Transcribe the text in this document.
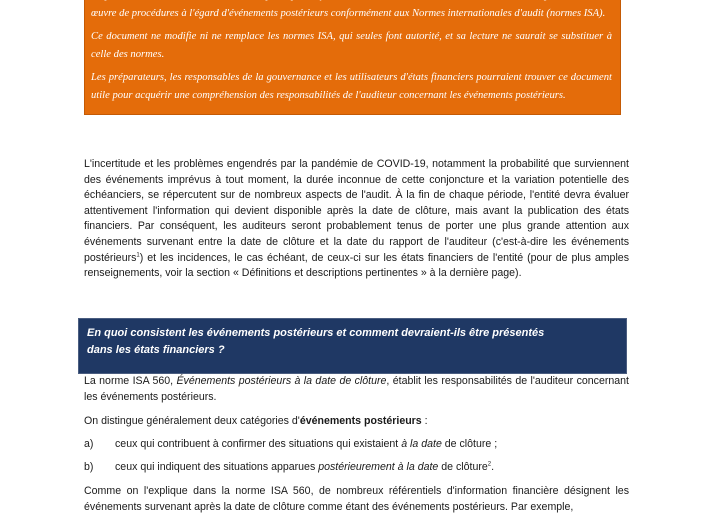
œuvre de procédures à l'égard d'événements postérieurs conformément aux Normes internationales d'audit (normes ISA).

Ce document ne modifie ni ne remplace les normes ISA, qui seules font autorité, et sa lecture ne saurait se substituer à celle des normes.

Les préparateurs, les responsables de la gouvernance et les utilisateurs d'états financiers pourraient trouver ce document utile pour acquérir une compréhension des responsabilités de l'auditeur concernant les événements postérieurs.

L'incertitude et les problèmes engendrés par la pandémie de COVID-19, notamment la probabilité que surviennent des événements imprévus à tout moment, la durée inconnue de cette conjoncture et la variation potentielle des échéanciers, se répercutent sur de nombreux aspects de l'audit. À la fin de chaque période, l'entité devra évaluer attentivement l'information qui devient disponible après la date de clôture, mais avant la publication des états financiers. Par conséquent, les auditeurs seront probablement tenus de porter une plus grande attention aux événements survenant entre la date de clôture et la date du rapport de l'auditeur (c'est-à-dire les événements postérieurs$^1$) et les incidences, le cas échéant, de ceux-ci sur les états financiers de l'entité (pour de plus amples renseignements, voir la section « Définitions et descriptions pertinentes » à la dernière page).

En quoi consistent les événements postérieurs et comment devraient-ils être présentés
dans les états financiers ?

La norme ISA 560, Événements postérieurs à la date de clôture, établit les responsabilités de l'auditeur concernant les événements postérieurs.

On distingue généralement deux catégories d'événements postérieurs :
a) ceux qui contribuent à confirmer des situations qui existaient à la date de clôture ;
b) ceux qui indiquent des situations apparues postérieurement à la date de clôture$^2$.

Comme on l'explique dans la norme ISA 560, de nombreux référentiels d'information financière désignent les événements survenant après la date de clôture comme étant des événements postérieurs. Par exemple,
